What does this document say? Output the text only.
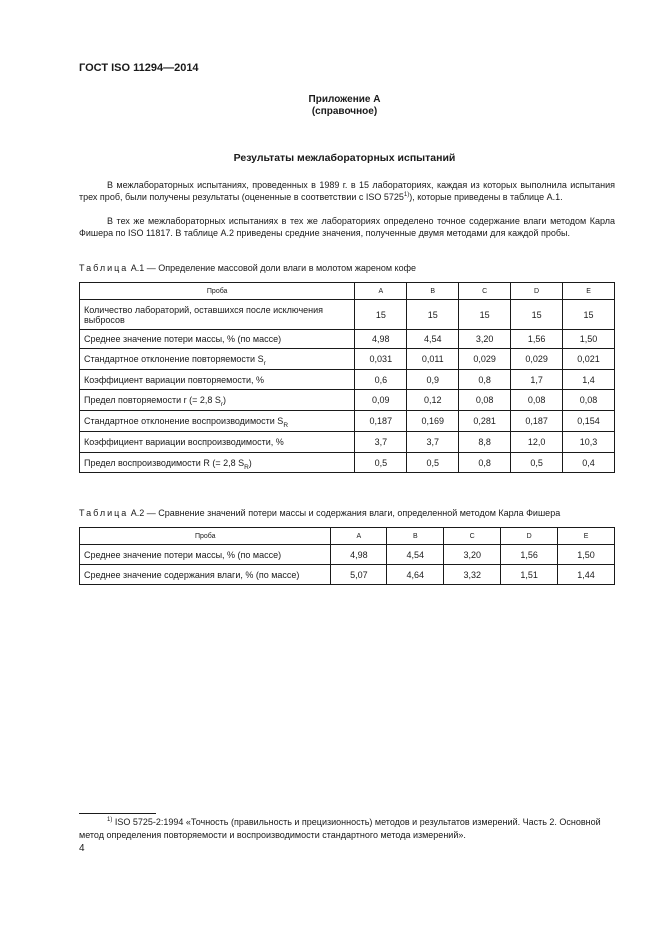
ГОСТ ISO 11294—2014
Приложение А
(справочное)
Результаты межлабораторных испытаний
В межлабораторных испытаниях, проведенных в 1989 г. в 15 лабораториях, каждая из которых выполнила испытания трех проб, были получены результаты (оцененные в соответствии с ISO 5725$^{1)}$), которые приведены в таблице А.1.
В тех же межлабораторных испытаниях в тех же лабораториях определено точное содержание влаги методом Карла Фишера по ISO 11817. В таблице А.2 приведены средние значения, полученные двумя методами для каждой пробы.
Таблица А.1 — Определение массовой доли влаги в молотом жареном кофе
Проба	A	B	C	D	E
Количество лабораторий, оставшихся после исключения выбросов	15	15	15	15	15
Среднее значение потери массы, % (по массе)	4,98	4,54	3,20	1,56	1,50
Стандартное отклонение повторяемости $S_r$	0,031	0,011	0,029	0,029	0,021
Коэффициент вариации повторяемости, %	0,6	0,9	0,8	1,7	1,4
Предел повторяемости r (= 2,8 $S_r$)	0,09	0,12	0,08	0,08	0,08
Стандартное отклонение воспроизводимости $S_R$	0,187	0,169	0,281	0,187	0,154
Коэффициент вариации воспроизводимости, %	3,7	3,7	8,8	12,0	10,3
Предел воспроизводимости R (= 2,8 $S_R$)	0,5	0,5	0,8	0,5	0,4
Таблица А.2 — Сравнение значений потери массы и содержания влаги, определенной методом Карла Фишера
Проба	A	B	C	D	E
Среднее значение потери массы, % (по массе)	4,98	4,54	3,20	1,56	1,50
Среднее значение содержания влаги, % (по массе)	5,07	4,64	3,32	1,51	1,44
$^{1)}$ ISO 5725-2:1994 «Точность (правильность и прецизионность) методов и результатов измерений. Часть 2. Основной метод определения повторяемости и воспроизводимости стандартного метода измерений».
4
